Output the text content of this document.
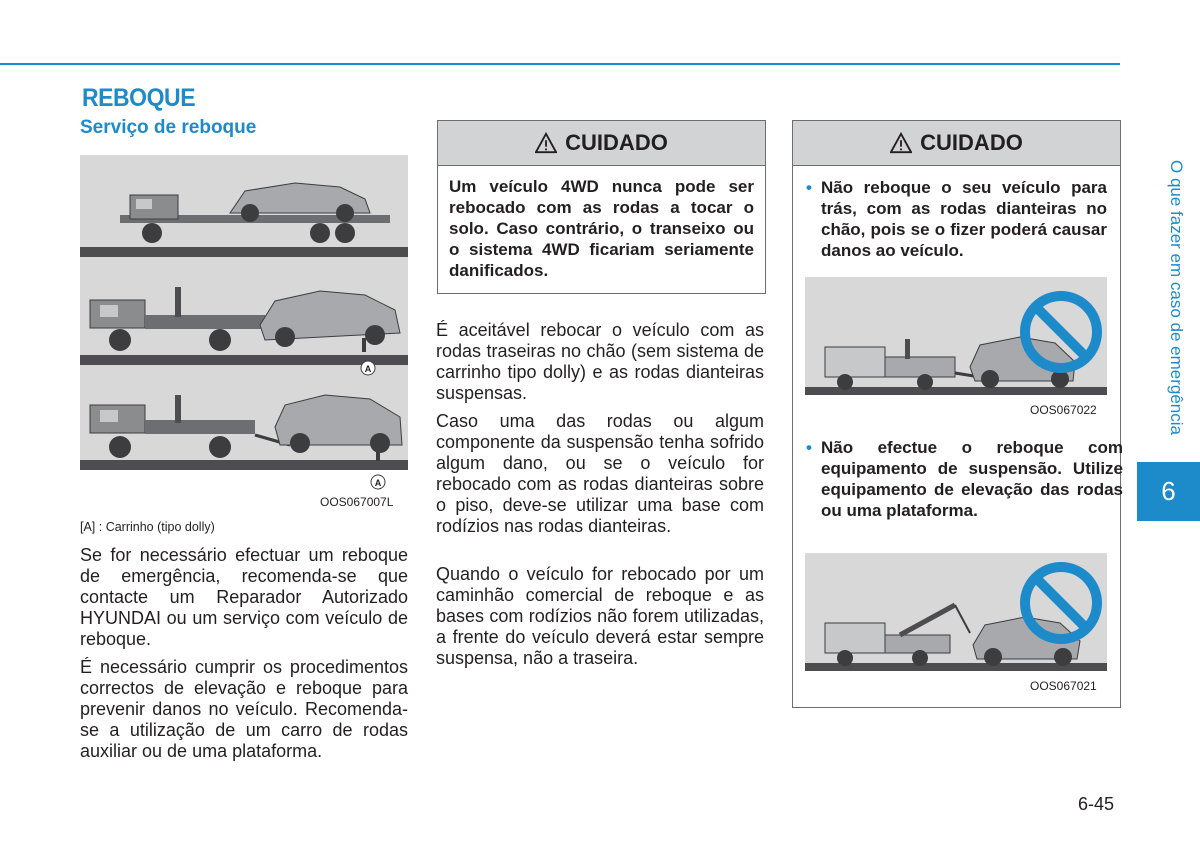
REBOQUE
Serviço de reboque
A
A
OOS067007L
[A] : Carrinho (tipo dolly)

Se for necessário efectuar um reboque de emergência, recomenda-se que contacte um Reparador Autorizado HYUNDAI ou um serviço com veículo de reboque.

É necessário cumprir os procedimentos correctos de elevação e reboque para prevenir danos no veículo. Recomenda-se a utilização de um carro de rodas auxiliar ou de uma plataforma.

CUIDADO
Um veículo 4WD nunca pode ser rebocado com as rodas a tocar o solo. Caso contrário, o transeixo ou o sistema 4WD ficariam seriamente danificados.

É aceitável rebocar o veículo com as rodas traseiras no chão (sem sistema de carrinho tipo dolly) e as rodas dianteiras suspensas.

Caso uma das rodas ou algum componente da suspensão tenha sofrido algum dano, ou se o veículo for rebocado com as rodas dianteiras sobre o piso, deve-se utilizar uma base com rodízios nas rodas dianteiras.

Quando o veículo for rebocado por um caminhão comercial de reboque e as bases com rodízios não forem utilizadas, a frente do veículo deverá estar sempre suspensa, não a traseira.

CUIDADO
• Não reboque o seu veículo para trás, com as rodas dianteiras no chão, pois se o fizer poderá causar danos ao veículo.
OOS067022
• Não efectue o reboque com equipamento de suspensão. Utilize equipamento de elevação das rodas ou uma plataforma.
OOS067021
O que fazer em caso de emergência
6
6-45
